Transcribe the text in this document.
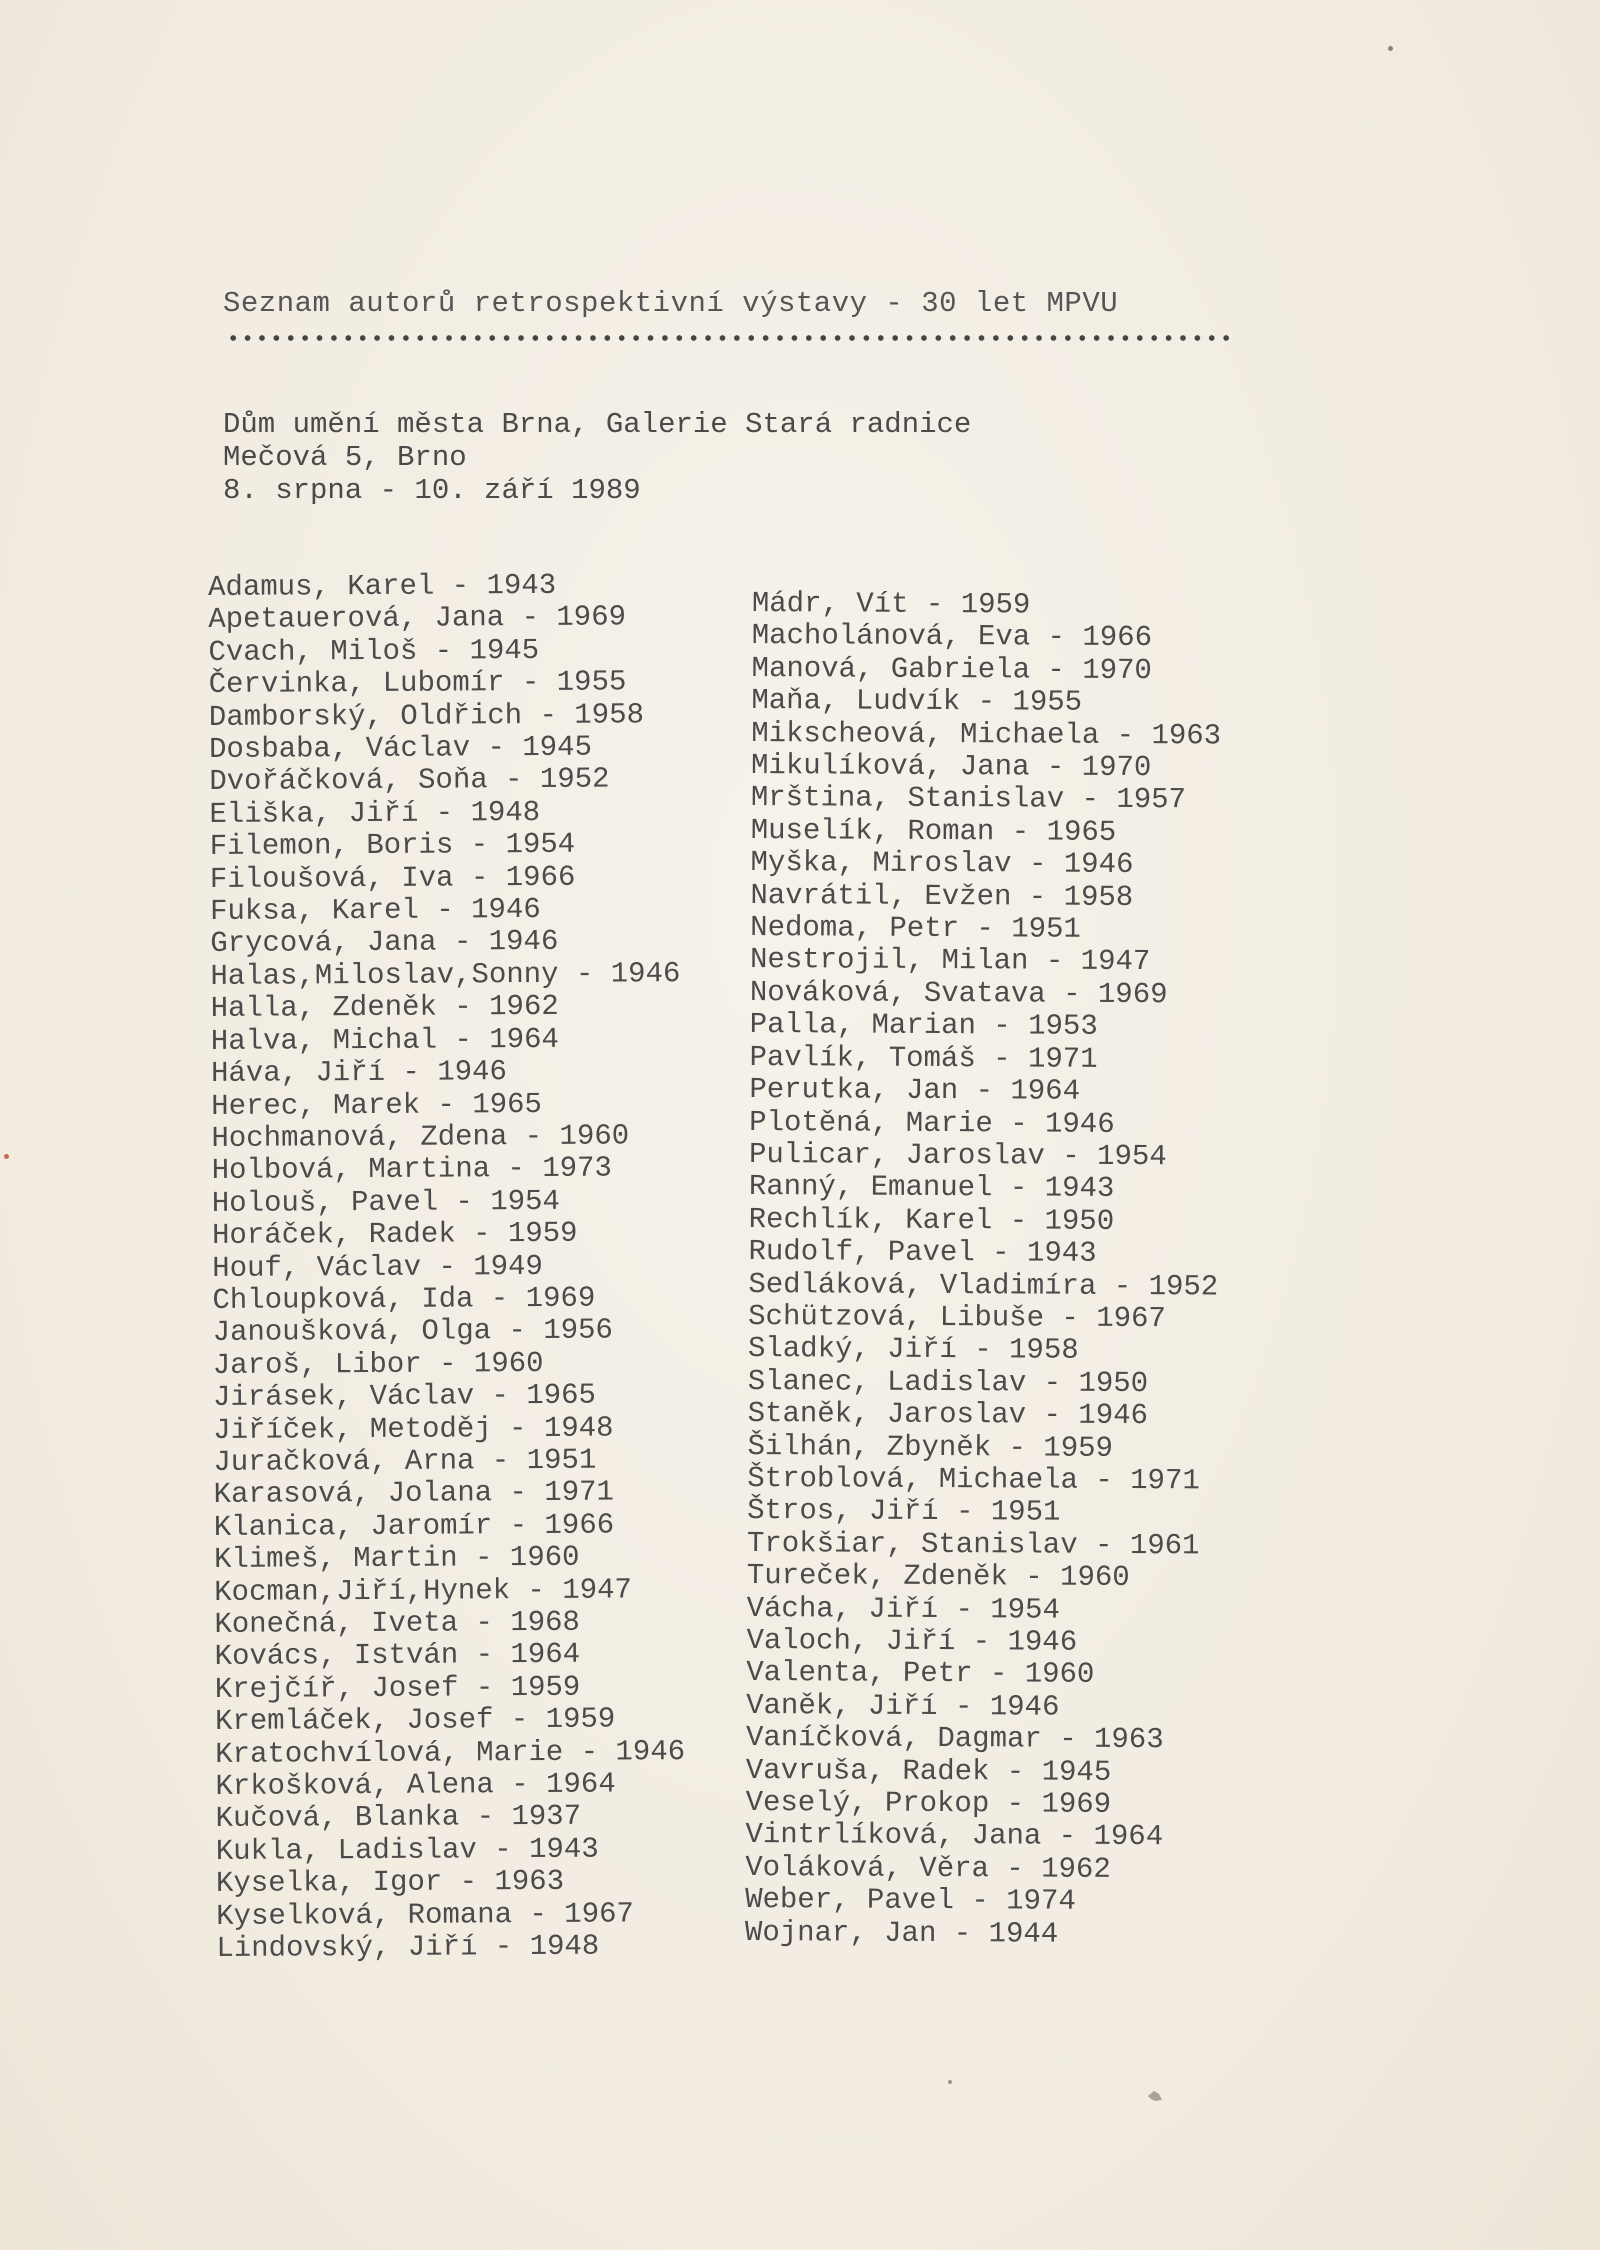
Seznam autorů retrospektivní výstavy - 30 let MPVU
Dům umění města Brna, Galerie Stará radnice
Mečová 5, Brno
8. srpna - 10. září 1989
Adamus, Karel - 1943
Apetauerová, Jana - 1969
Cvach, Miloš - 1945
Červinka, Lubomír - 1955
Damborský, Oldřich - 1958
Dosbaba, Václav - 1945
Dvořáčková, Soňa - 1952
Eliška, Jiří - 1948
Filemon, Boris - 1954
Filoušová, Iva - 1966
Fuksa, Karel - 1946
Grycová, Jana - 1946
Halas,Miloslav,Sonny - 1946
Halla, Zdeněk - 1962
Halva, Michal - 1964
Háva, Jiří - 1946
Herec, Marek - 1965
Hochmanová, Zdena - 1960
Holbová, Martina - 1973
Holouš, Pavel - 1954
Horáček, Radek - 1959
Houf, Václav - 1949
Chloupková, Ida - 1969
Janoušková, Olga - 1956
Jaroš, Libor - 1960
Jirásek, Václav - 1965
Jiříček, Metoděj - 1948
Juračková, Arna - 1951
Karasová, Jolana - 1971
Klanica, Jaromír - 1966
Klimeš, Martin - 1960
Kocman,Jiří,Hynek - 1947
Konečná, Iveta - 1968
Kovács, István - 1964
Krejčíř, Josef - 1959
Kremláček, Josef - 1959
Kratochvílová, Marie - 1946
Krkošková, Alena - 1964
Kučová, Blanka - 1937
Kukla, Ladislav - 1943
Kyselka, Igor - 1963
Kyselková, Romana - 1967
Lindovský, Jiří - 1948
Mádr, Vít - 1959
Macholánová, Eva - 1966
Manová, Gabriela - 1970
Maňa, Ludvík - 1955
Mikscheová, Michaela - 1963
Mikulíková, Jana - 1970
Mrština, Stanislav - 1957
Muselík, Roman - 1965
Myška, Miroslav - 1946
Navrátil, Evžen - 1958
Nedoma, Petr - 1951
Nestrojil, Milan - 1947
Nováková, Svatava - 1969
Palla, Marian - 1953
Pavlík, Tomáš - 1971
Perutka, Jan - 1964
Plotěná, Marie - 1946
Pulicar, Jaroslav - 1954
Ranný, Emanuel - 1943
Rechlík, Karel - 1950
Rudolf, Pavel - 1943
Sedláková, Vladimíra - 1952
Schützová, Libuše - 1967
Sladký, Jiří - 1958
Slanec, Ladislav - 1950
Staněk, Jaroslav - 1946
Šilhán, Zbyněk - 1959
Štroblová, Michaela - 1971
Štros, Jiří - 1951
Trokšiar, Stanislav - 1961
Tureček, Zdeněk - 1960
Vácha, Jiří - 1954
Valoch, Jiří - 1946
Valenta, Petr - 1960
Vaněk, Jiří - 1946
Vaníčková, Dagmar - 1963
Vavruša, Radek - 1945
Veselý, Prokop - 1969
Vintrlíková, Jana - 1964
Voláková, Věra - 1962
Weber, Pavel - 1974
Wojnar, Jan - 1944
